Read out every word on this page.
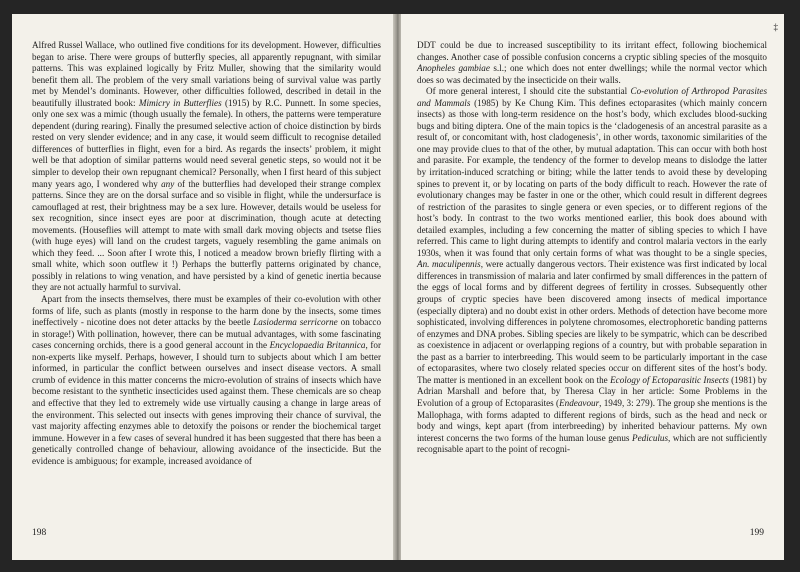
Alfred Russel Wallace, who outlined five conditions for its development. However, difficulties began to arise. There were groups of butterfly species, all apparently repugnant, with similar patterns. This was explained logically by Fritz Muller, showing that the similarity would benefit them all. The problem of the very small variations being of survival value was partly met by Mendel’s dominants. However, other difficulties followed, described in detail in the beautifully illustrated book: Mimicry in Butterflies (1915) by R.C. Punnett. In some species, only one sex was a mimic (though usually the female). In others, the patterns were temperature dependent (during rearing). Finally the presumed selective action of choice distinction by birds rested on very slender evidence; and in any case, it would seem difficult to recognise detailed differences of butterflies in flight, even for a bird. As regards the insects’ problem, it might well be that adoption of similar patterns would need several genetic steps, so would not it be simpler to develop their own repugnant chemical? Personally, when I first heard of this subject many years ago, I wondered why any of the butterflies had developed their strange complex patterns. Since they are on the dorsal surface and so visible in flight, while the undersurface is camouflaged at rest, their brightness may be a sex lure. However, details would be useless for sex recognition, since insect eyes are poor at discrimination, though acute at detecting movements. (Houseflies will attempt to mate with small dark moving objects and tsetse flies (with huge eyes) will land on the crudest targets, vaguely resembling the game animals on which they feed. ... Soon after I wrote this, I noticed a meadow brown briefly flirting with a small white, which soon outflew it !) Perhaps the butterfly patterns originated by chance, possibly in relations to wing venation, and have persisted by a kind of genetic inertia because they are not actually harmful to survival.

Apart from the insects themselves, there must be examples of their co-evolution with other forms of life, such as plants (mostly in response to the harm done by the insects, some times ineffectively - nicotine does not deter attacks by the beetle Lasioderma serricorne on tobacco in storage!) With pollination, however, there can be mutual advantages, with some fascinating cases concerning orchids, there is a good general account in the Encyclopaedia Britannica, for non-experts like myself. Perhaps, however, I should turn to subjects about which I am better informed, in particular the conflict between ourselves and insect disease vectors. A small crumb of evidence in this matter concerns the micro-evolution of strains of insects which have become resistant to the synthetic insecticides used against them. These chemicals are so cheap and effective that they led to extremely wide use virtually causing a change in large areas of the environment. This selected out insects with genes improving their chance of survival, the vast majority affecting enzymes able to detoxify the poisons or render the biochemical target immune. However in a few cases of several hundred it has been suggested that there has been a genetically controlled change of behaviour, allowing avoidance of the insecticide. But the evidence is ambiguous; for example, increased avoidance of

198
‡

DDT could be due to increased susceptibility to its irritant effect, following biochemical changes. Another case of possible confusion concerns a cryptic sibling species of the mosquito Anopheles gambiae s.l.; one which does not enter dwellings; while the normal vector which does so was decimated by the insecticide on their walls.

Of more general interest, I should cite the substantial Co-evolution of Arthropod Parasites and Mammals (1985) by Ke Chung Kim. This defines ectoparasites (which mainly concern insects) as those with long-term residence on the host’s body, which excludes blood-sucking bugs and biting diptera. One of the main topics is the ‘cladogenesis of an ancestral parasite as a result of, or concomitant with, host cladogenesis’, in other words, taxonomic similarities of the one may provide clues to that of the other, by mutual adaptation. This can occur with both host and parasite. For example, the tendency of the former to develop means to dislodge the latter by irritation-induced scratching or biting; while the latter tends to avoid these by developing spines to prevent it, or by locating on parts of the body difficult to reach. However the rate of evolutionary changes may be faster in one or the other, which could result in different degrees of restriction of the parasites to single genera or even species, or to different regions of the host’s body. In contrast to the two works mentioned earlier, this book does abound with detailed examples, including a few concerning the matter of sibling species to which I have referred. This came to light during attempts to identify and control malaria vectors in the early 1930s, when it was found that only certain forms of what was thought to be a single species, An. maculipennis, were actually dangerous vectors. Their existence was first indicated by local differences in transmission of malaria and later confirmed by small differences in the pattern of the eggs of local forms and by different degrees of fertility in crosses. Subsequently other groups of cryptic species have been discovered among insects of medical importance (especially diptera) and no doubt exist in other orders. Methods of detection have become more sophisticated, involving differences in polytene chromosomes, electrophoretic banding patterns of enzymes and DNA probes. Sibling species are likely to be sympatric, which can be described as coexistence in adjacent or overlapping regions of a country, but with probable separation in the past as a barrier to interbreeding. This would seem to be particularly important in the case of ectoparasites, where two closely related species occur on different sites of the host’s body. The matter is mentioned in an excellent book on the Ecology of Ectoparasitic Insects (1981) by Adrian Marshall and before that, by Theresa Clay in her article: Some Problems in the Evolution of a group of Ectoparasites (Endeavour, 1949, 3: 279). The group she mentions is the Mallophaga, with forms adapted to different regions of birds, such as the head and neck or body and wings, kept apart (from interbreeding) by inherited behaviour patterns. My own interest concerns the two forms of the human louse genus Pediculus, which are not sufficiently recognisable apart to the point of recogni-

199
